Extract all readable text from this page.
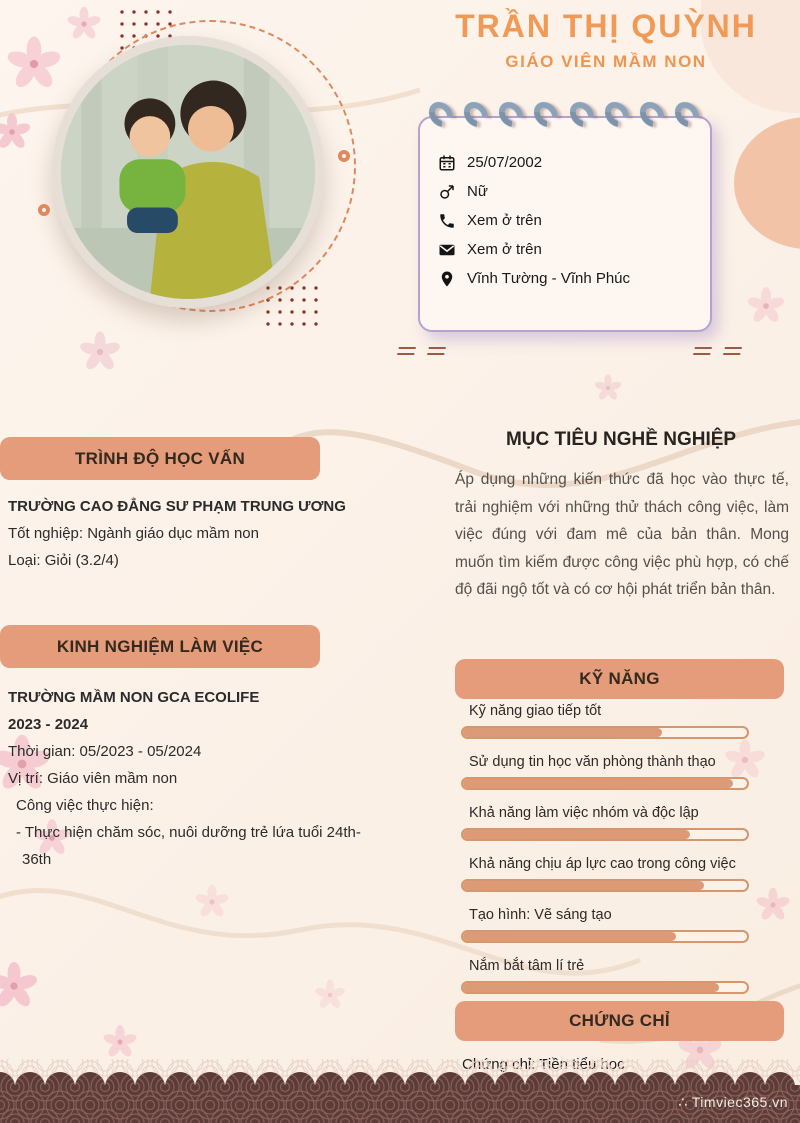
TRẦN THỊ QUỲNH
GIÁO VIÊN MẦM NON
25/07/2002
Nữ
Xem ở trên
Xem ở trên
Vĩnh Tường - Vĩnh Phúc
TRÌNH ĐỘ HỌC VẤN

TRƯỜNG CAO ĐẲNG SƯ PHẠM TRUNG ƯƠNG

Tốt nghiệp: Ngành giáo dục mầm non

Loại: Giỏi (3.2/4)

KINH NGHIỆM LÀM VIỆC

TRƯỜNG MẦM NON GCA ECOLIFE

2023 - 2024

Thời gian: 05/2023 - 05/2024

Vị trí: Giáo viên mầm non

Công việc thực hiện:

- Thực hiện chăm sóc, nuôi dưỡng trẻ lứa tuổi 24th-

36th

MỤC TIÊU NGHỀ NGHIỆP
Áp dụng những kiến thức đã học vào thực tế, trải nghiệm với những thử thách công việc, làm việc đúng với đam mê của bản thân. Mong muốn tìm kiếm được công việc phù hợp, có chế độ đãi ngộ tốt và có cơ hội phát triển bản thân.
KỸ NĂNG

Kỹ năng giao tiếp tốt

Sử dụng tin học văn phòng thành thạo

Khả năng làm việc nhóm và độc lập

Khả năng chịu áp lực cao trong công việc

Tạo hình: Vẽ sáng tạo

Nắm bắt tâm lí trẻ

CHỨNG CHỈ
Chứng chỉ: Tiền tiểu học
∴ Timviec365.vn
